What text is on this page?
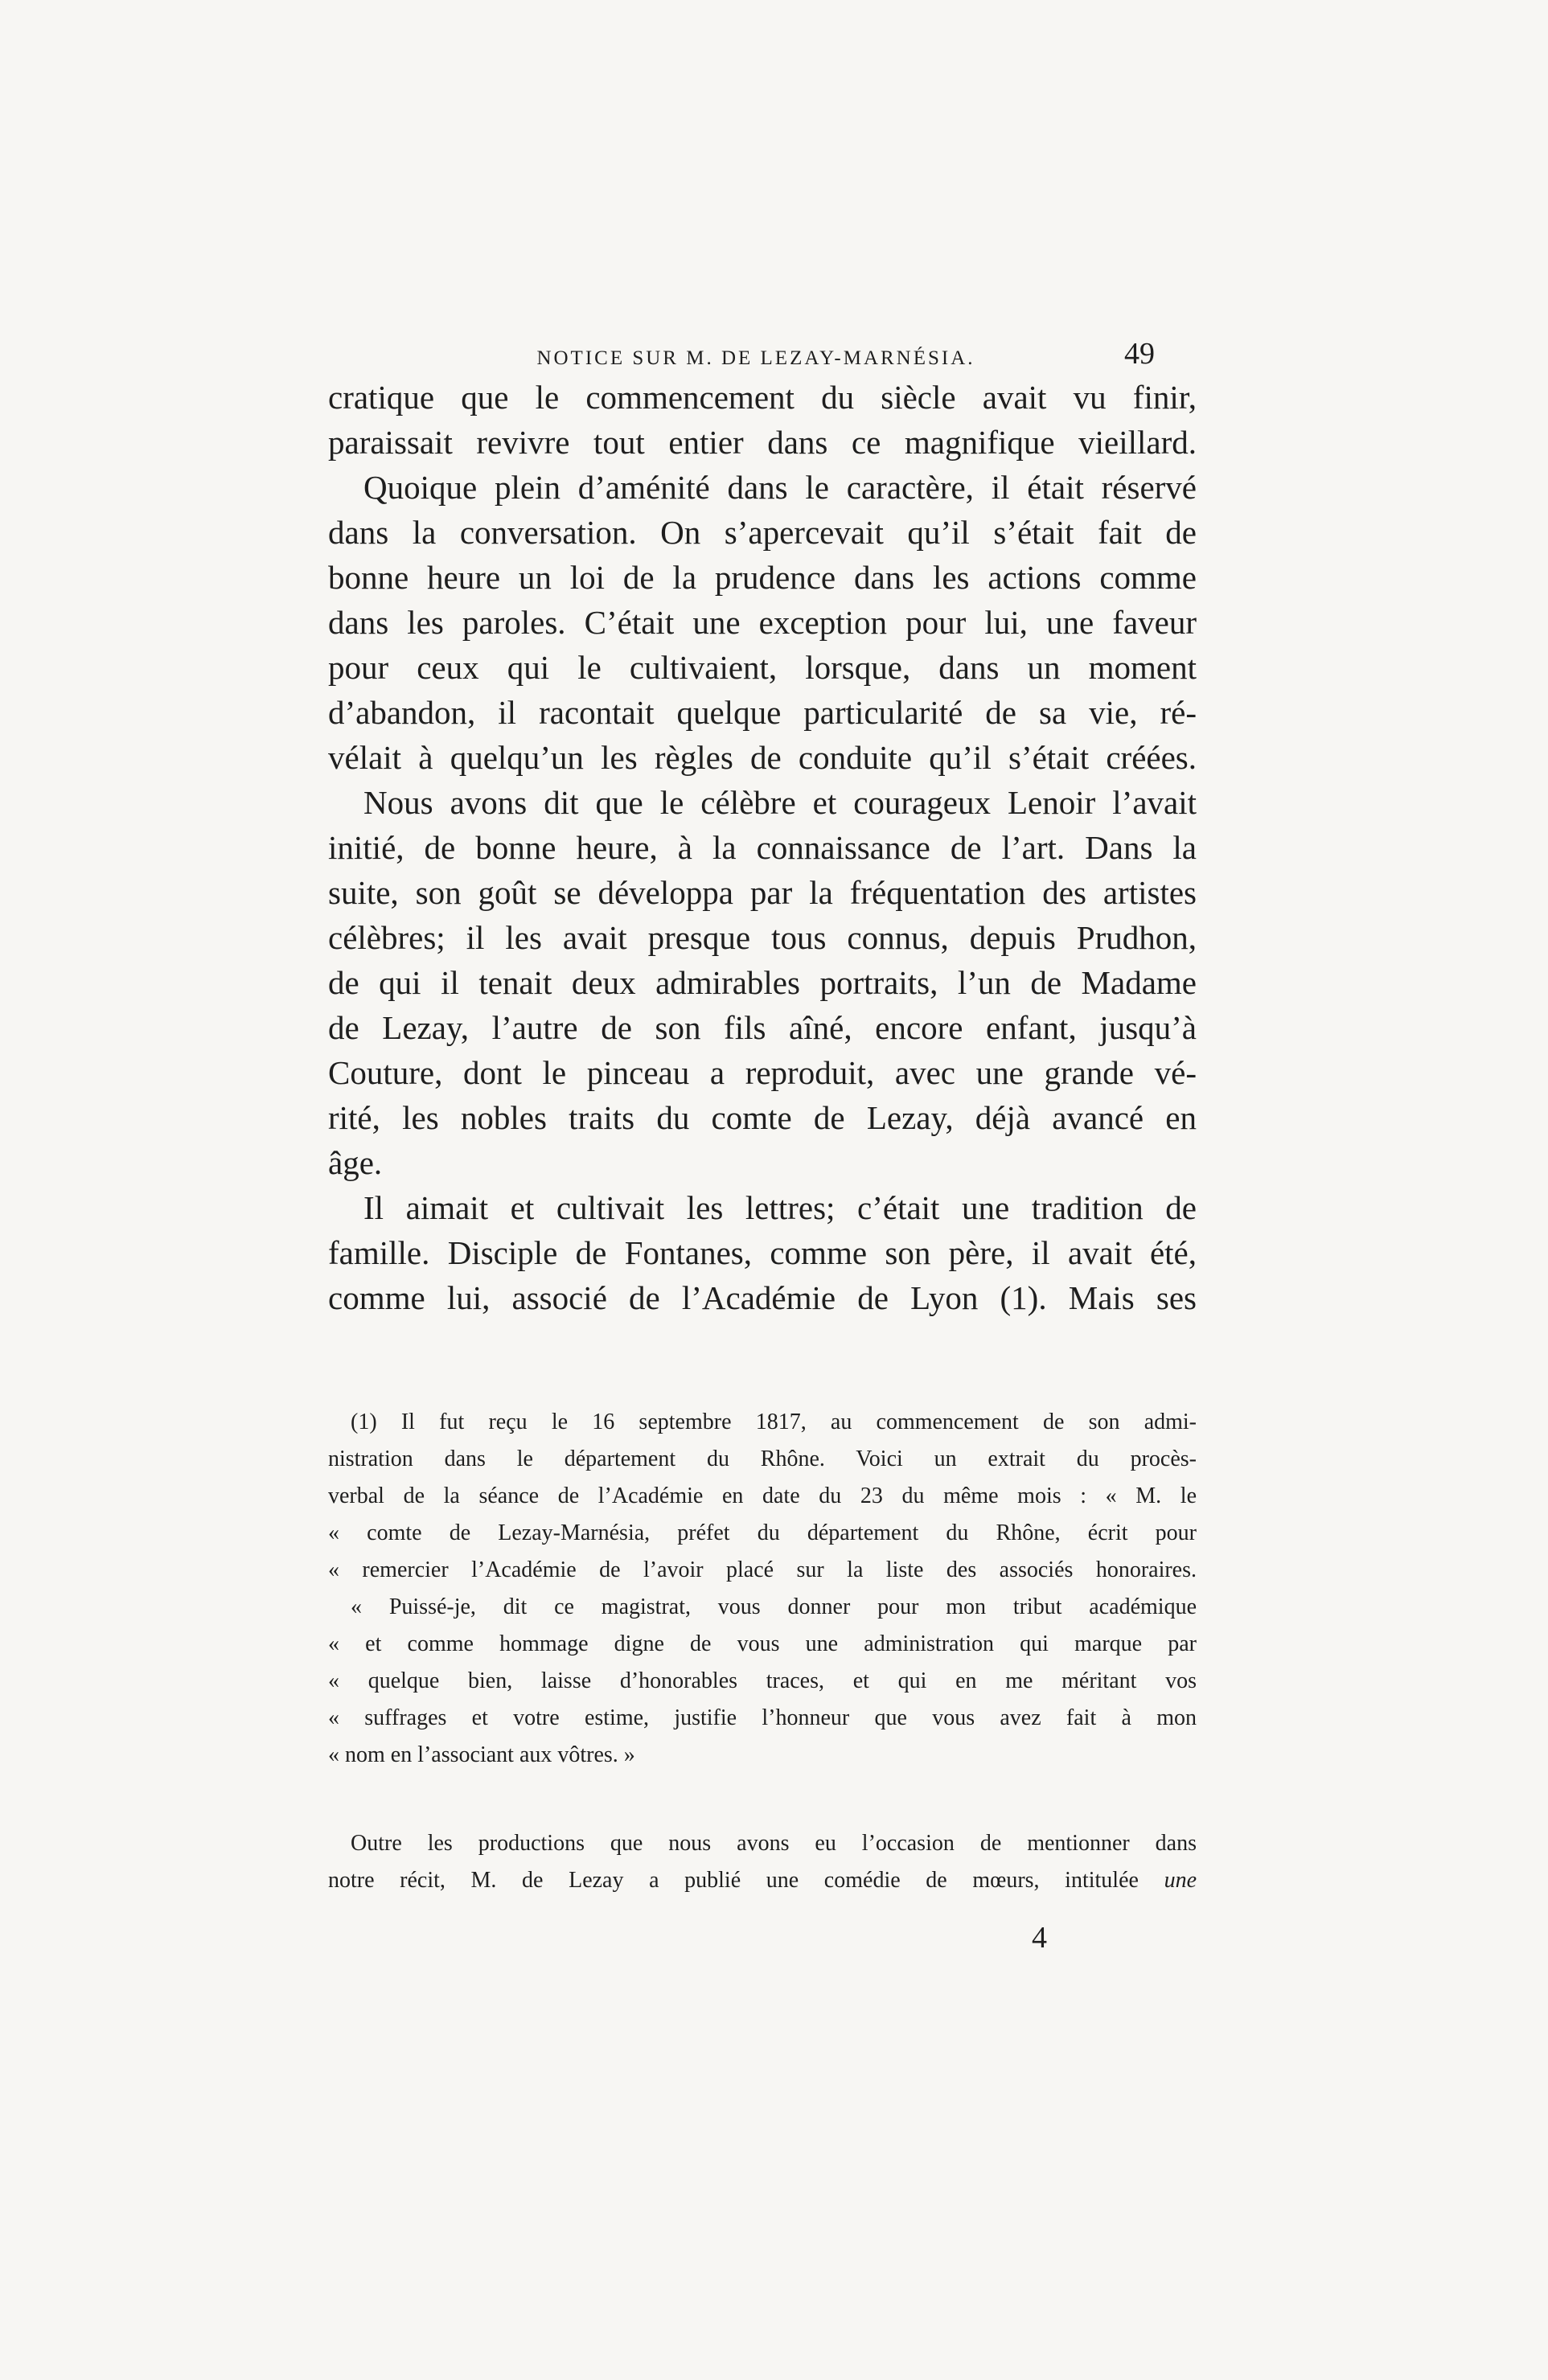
NOTICE SUR M. DE LEZAY-MARNÉSIA.	49
cratique que le commencement du siècle avait vu finir,
paraissait revivre tout entier dans ce magnifique vieillard.
Quoique plein d’aménité dans le caractère, il était réservé
dans la conversation. On s’apercevait qu’il s’était fait de
bonne heure un loi de la prudence dans les actions comme
dans les paroles. C’était une exception pour lui, une faveur
pour ceux qui le cultivaient, lorsque, dans un moment
d’abandon, il racontait quelque particularité de sa vie, ré-
vélait à quelqu’un les règles de conduite qu’il s’était créées.
Nous avons dit que le célèbre et courageux Lenoir l’avait
initié, de bonne heure, à la connaissance de l’art. Dans la
suite, son goût se développa par la fréquentation des artistes
célèbres; il les avait presque tous connus, depuis Prudhon,
de qui il tenait deux admirables portraits, l’un de Madame
de Lezay, l’autre de son fils aîné, encore enfant, jusqu’à
Couture, dont le pinceau a reproduit, avec une grande vé-
rité, les nobles traits du comte de Lezay, déjà avancé en
âge.
Il aimait et cultivait les lettres; c’était une tradition de
famille. Disciple de Fontanes, comme son père, il avait été,
comme lui, associé de l’Académie de Lyon (1). Mais ses
(1) Il fut reçu le 16 septembre 1817, au commencement de son admi-
nistration dans le département du Rhône. Voici un extrait du procès-
verbal de la séance de l’Académie en date du 23 du même mois : « M. le
« comte de Lezay-Marnésia, préfet du département du Rhône, écrit pour
« remercier l’Académie de l’avoir placé sur la liste des associés honoraires.
« Puissé-je, dit ce magistrat, vous donner pour mon tribut académique
« et comme hommage digne de vous une administration qui marque par
« quelque bien, laisse d’honorables traces, et qui en me méritant vos
« suffrages et votre estime, justifie l’honneur que vous avez fait à mon
« nom en l’associant aux vôtres. »
Outre les productions que nous avons eu l’occasion de mentionner dans
notre récit, M. de Lezay a publié une comédie de mœurs, intitulée une
4
